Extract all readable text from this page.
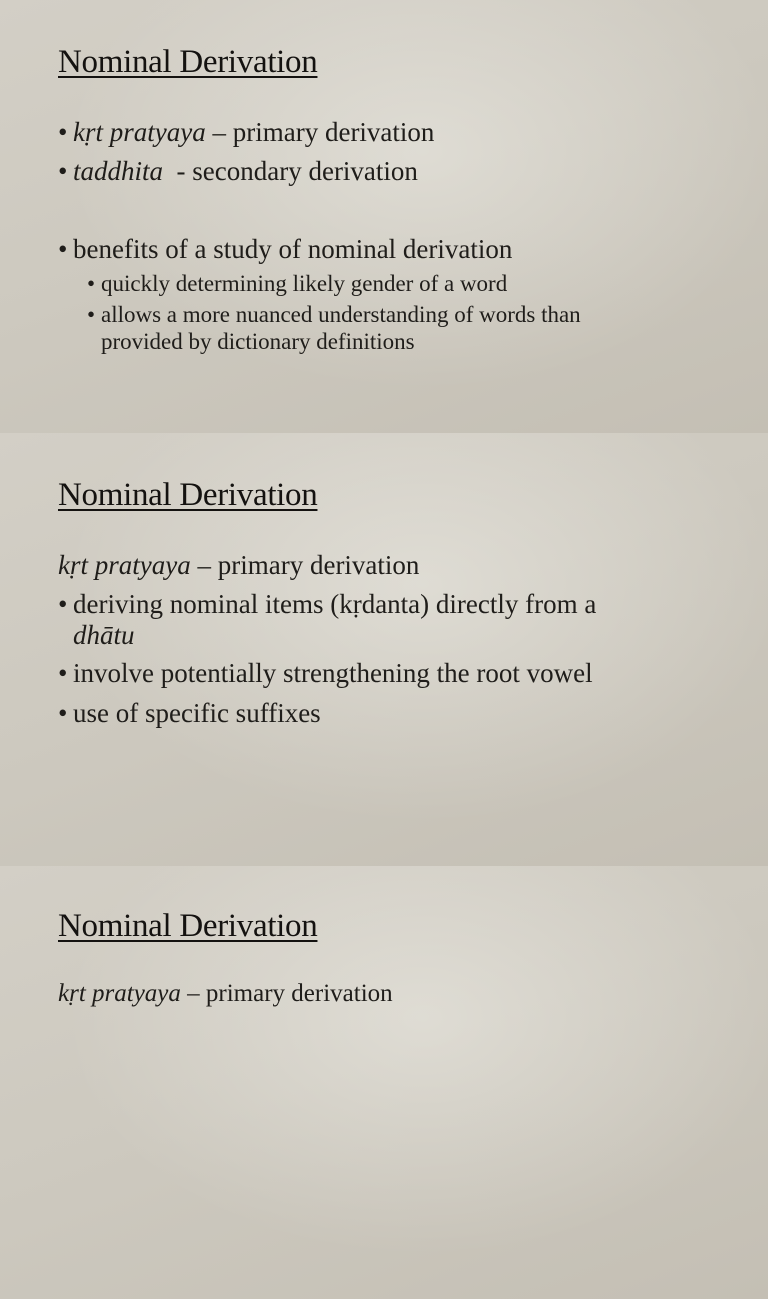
Nominal Derivation

• kṛt pratyaya – primary derivation

• taddhita  - secondary derivation

• benefits of a study of nominal derivation

• quickly determining likely gender of a word

• allows a more nuanced understanding of words than

provided by dictionary definitions

Nominal Derivation

kṛt pratyaya – primary derivation

• deriving nominal items (kṛdanta) directly from a

dhātu

• involve potentially strengthening the root vowel

• use of specific suffixes

Nominal Derivation

kṛt pratyaya – primary derivation
